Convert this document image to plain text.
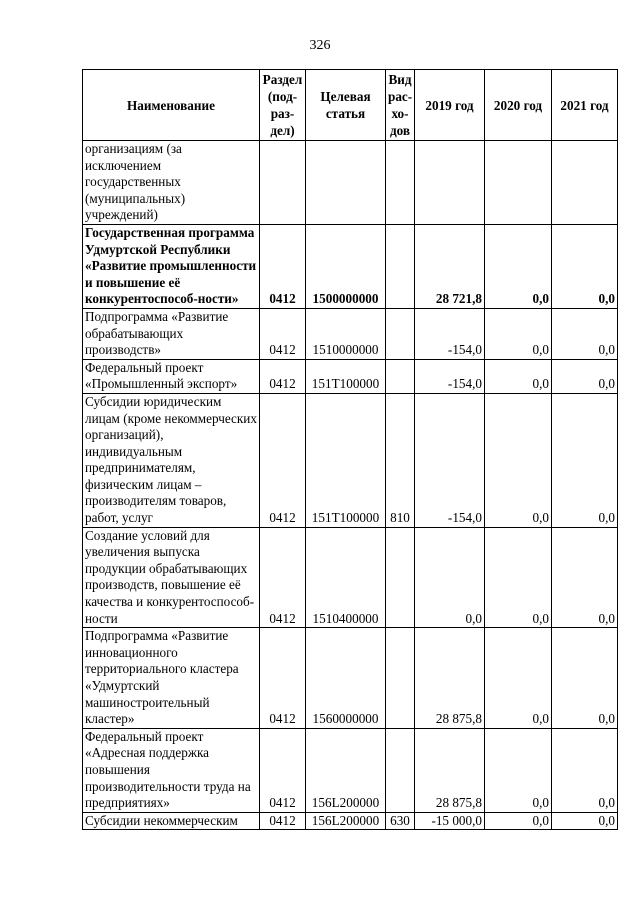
326
Наименование	Раздел (под-раз-дел)	Целевая статья	Вид рас-хо-дов	2019 год	2020 год	2021 год
организациям (за исключением государственных (муниципальных) учреждений)						
Государственная программа Удмуртской Республики «Развитие промышленности и повышение её конкурентоспособ-ности»	0412	1500000000		28 721,8	0,0	0,0
Подпрограмма «Развитие обрабатывающих производств»	0412	1510000000		-154,0	0,0	0,0
Федеральный проект «Промышленный экспорт»	0412	151T100000		-154,0	0,0	0,0
Субсидии юридическим лицам (кроме некоммерческих организаций), индивидуальным предпринимателям, физическим лицам – производителям товаров, работ, услуг	0412	151T100000	810	-154,0	0,0	0,0
Создание условий для увеличения выпуска продукции обрабатывающих производств, повышение её качества и конкурентоспособ-ности	0412	1510400000		0,0	0,0	0,0
Подпрограмма «Развитие инновационного территориального кластера «Удмуртский машиностроительный кластер»	0412	1560000000		28 875,8	0,0	0,0
Федеральный проект «Адресная поддержка повышения производительности труда на предприятиях»	0412	156L200000		28 875,8	0,0	0,0
Субсидии некоммерческим	0412	156L200000	630	-15 000,0	0,0	0,0
